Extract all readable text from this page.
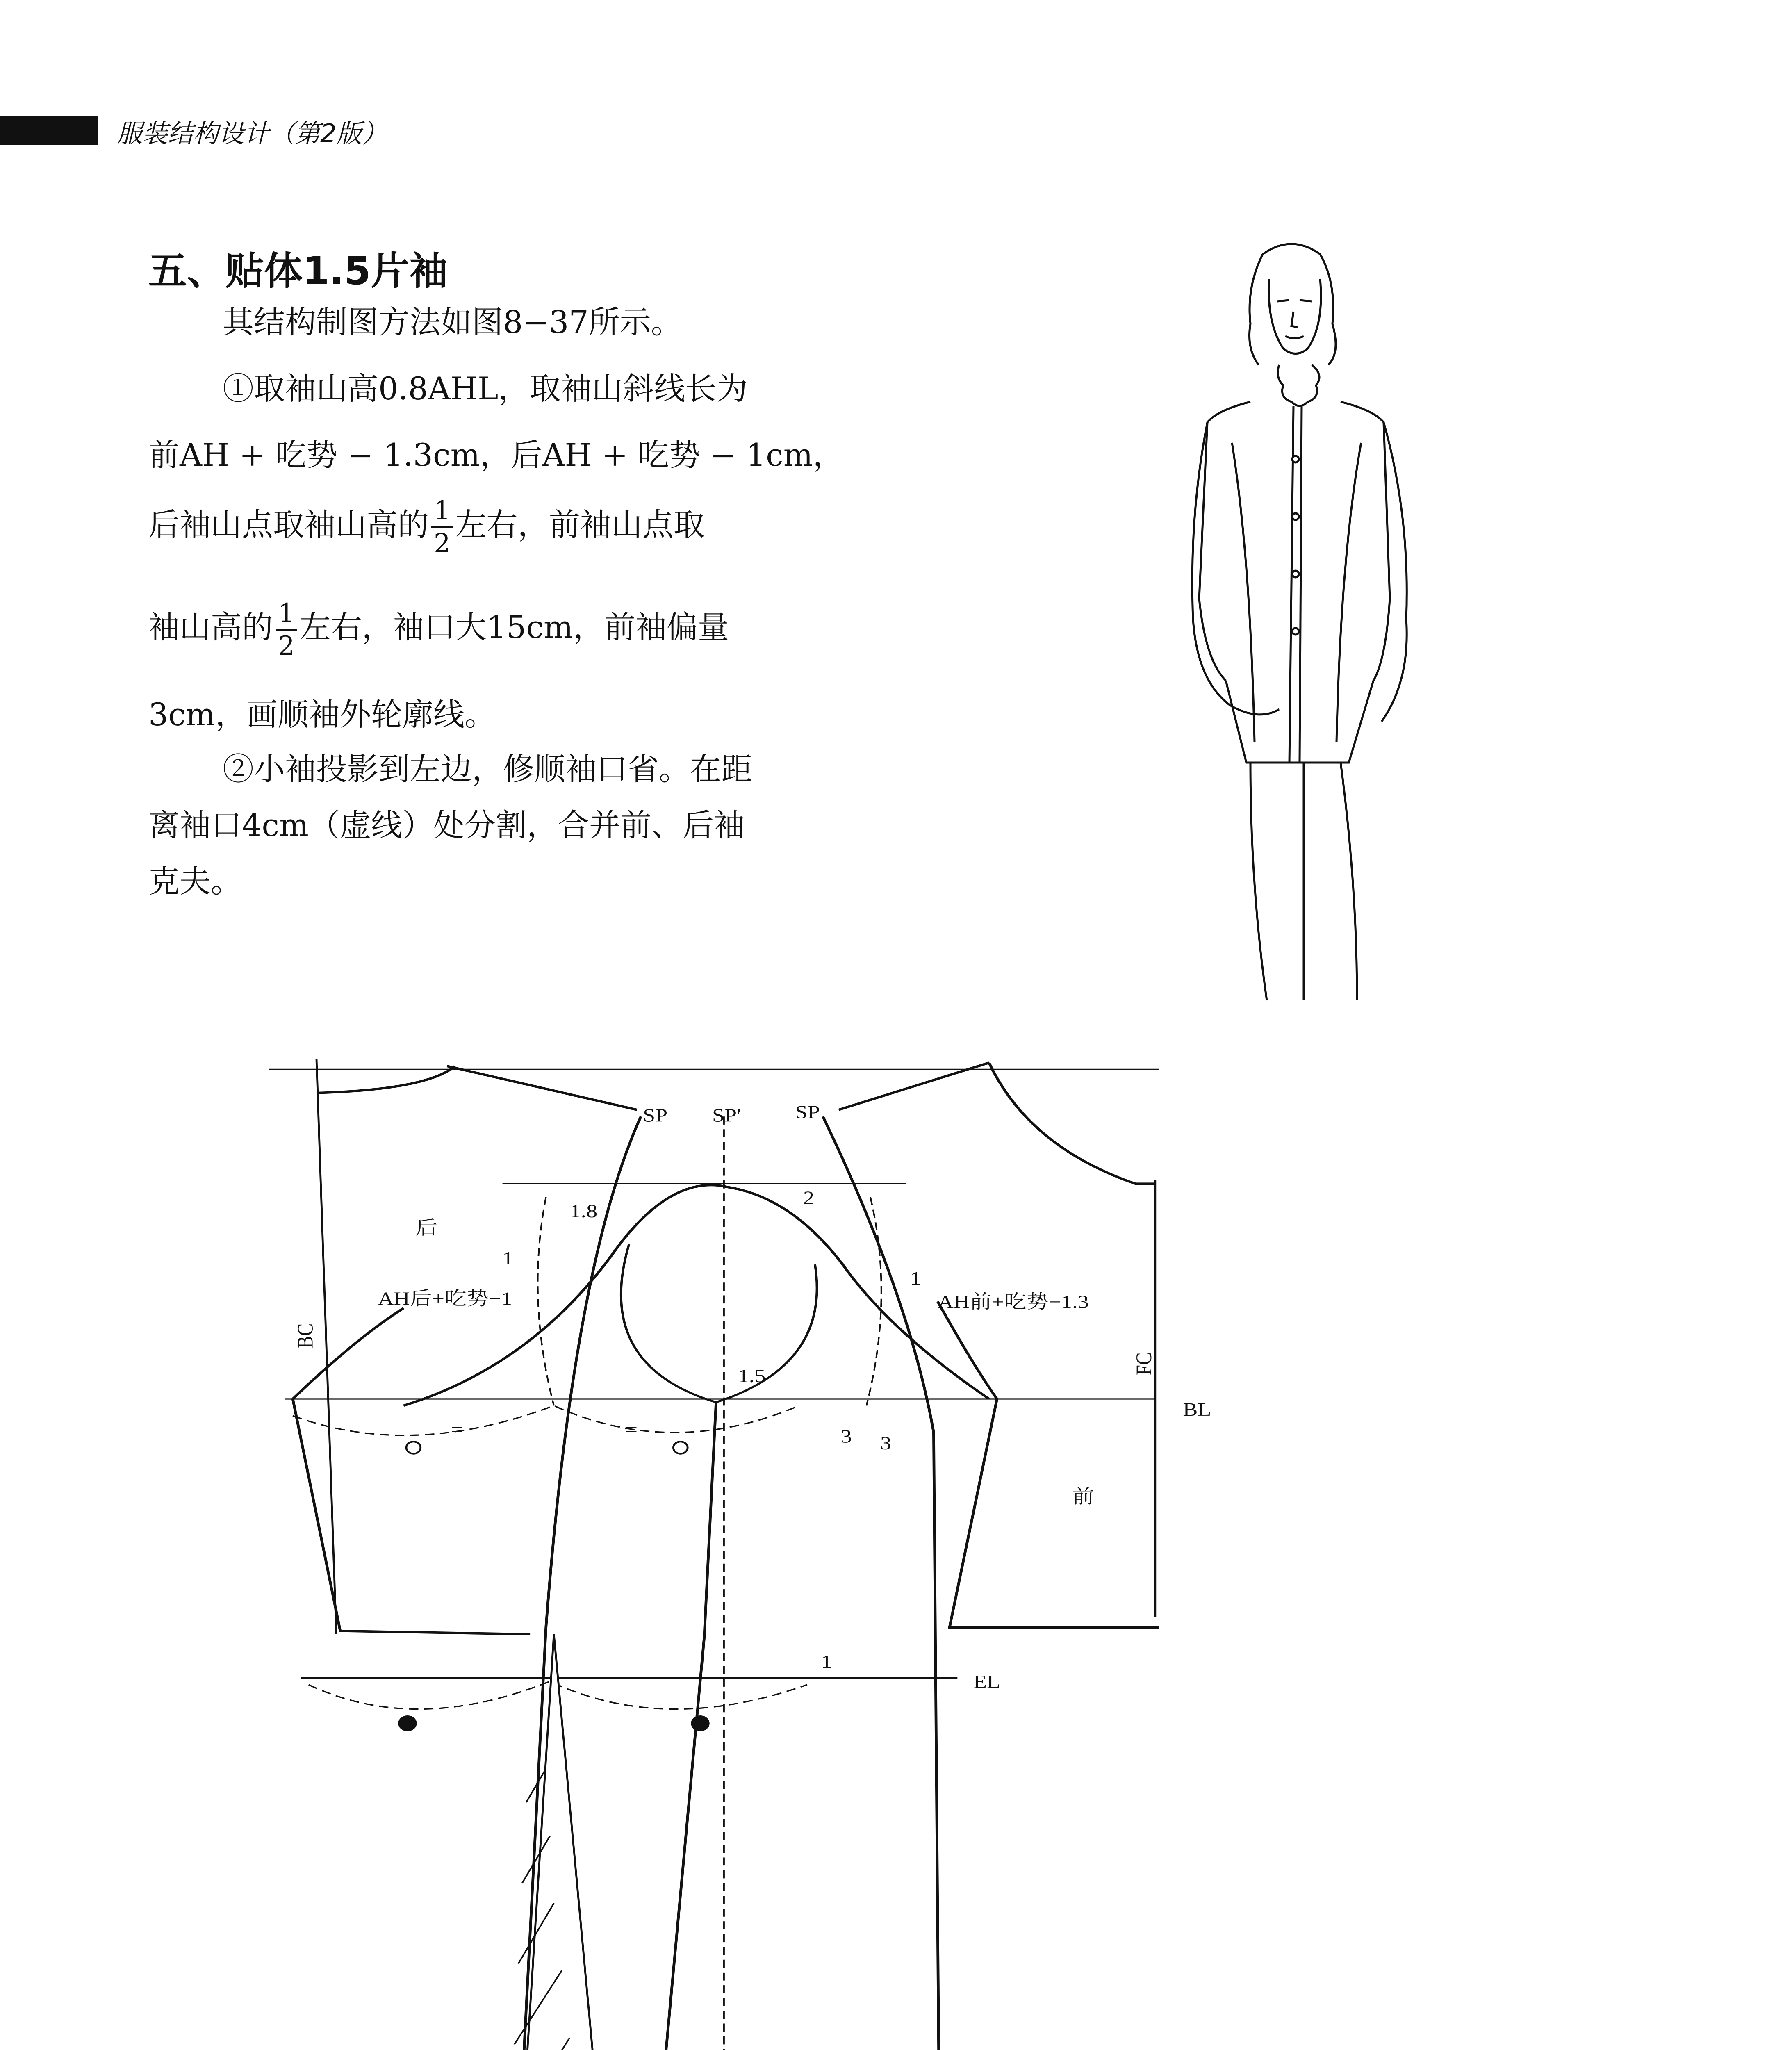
服装结构设计（第2版）
五、贴体1.5片袖
其结构制图方法如图8−37所示。
①取袖山高0.8AHL，取袖山斜线长为
前AH + 吃势 − 1.3cm，后AH + 吃势 − 1cm，
后袖山点取袖山高的 $\frac{1}{2}$ 左右，前袖山点取
袖山高的 $\frac{1}{2}$ 左右，袖口大15cm，前袖偏量
3cm，画顺袖外轮廓线。
②小袖投影到左边，修顺袖口省。在距
离袖口4cm（虚线）处分割，合并前、后袖
克夫。
SP SP′ SP
后
前
BC
FC
BL
EL
AH后+吃势−1	AH前+吃势−1.3
1.8
2
1
1
1.5
=	=	3 3
1
